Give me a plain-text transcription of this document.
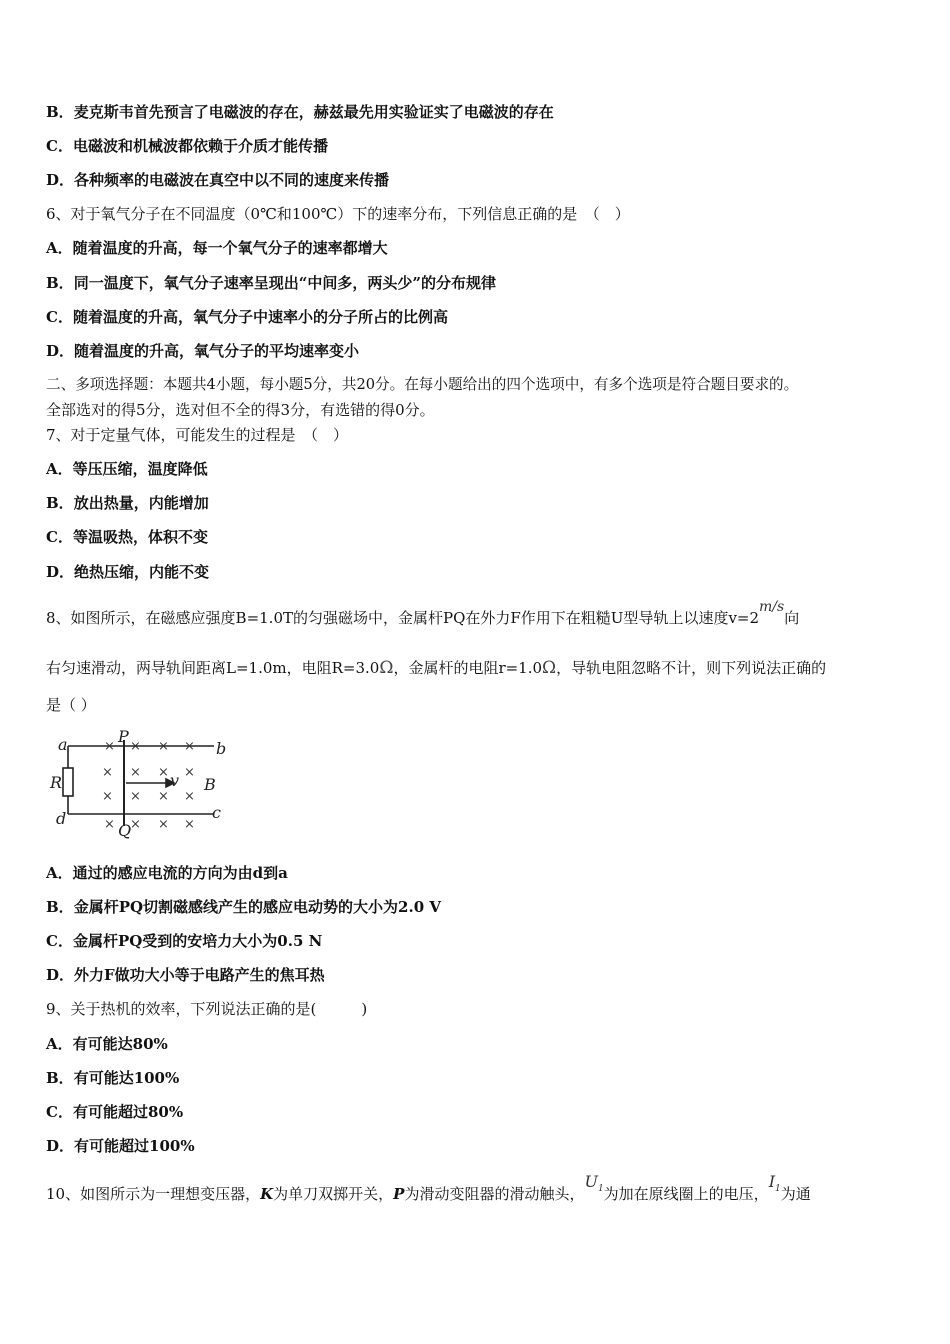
B．麦克斯韦首先预言了电磁波的存在，赫兹最先用实验证实了电磁波的存在
C．电磁波和机械波都依赖于介质才能传播
D．各种频率的电磁波在真空中以不同的速度来传播
6、对于氧气分子在不同温度（0℃和100℃）下的速率分布，下列信息正确的是　（　）
A．随着温度的升高，每一个氧气分子的速率都增大
B．同一温度下，氧气分子速率呈现出“中间多，两头少”的分布规律
C．随着温度的升高，氧气分子中速率小的分子所占的比例高
D．随着温度的升高，氧气分子的平均速率变小
二、多项选择题：本题共4小题，每小题5分，共20分。在每小题给出的四个选项中，有多个选项是符合题目要求的。
全部选对的得5分，选对但不全的得3分，有选错的得0分。
7、对于定量气体，可能发生的过程是　（　）
A．等压压缩，温度降低
B．放出热量，内能增加
C．等温吸热，体积不变
D．绝热压缩，内能不变
8、如图所示，在磁感应强度B=1.0T的匀强磁场中，金属杆PQ在外力F作用下在粗糙U型导轨上以速度v=2m/s向
右匀速滑动，两导轨间距离L=1.0m，电阻R=3.0Ω，金属杆的电阻r=1.0Ω，导轨电阻忽略不计，则下列说法正确的
是（ ）
× × × ×
× × × ×
× × × ×
× × × ×
a	P
b
R	v B
c
d
Q
A．通过的感应电流的方向为由d到a
B．金属杆PQ切割磁感线产生的感应电动势的大小为2.0 V
C．金属杆PQ受到的安培力大小为0.5 N
D．外力F做功大小等于电路产生的焦耳热
9、关于热机的效率，下列说法正确的是(　　　)
A．有可能达80%
B．有可能达100%
C．有可能超过80%
D．有可能超过100%
10、如图所示为一理想变压器，K为单刀双掷开关，P为滑动变阻器的滑动触头，$U_1$为加在原线圈上的电压，$I_1$为通
